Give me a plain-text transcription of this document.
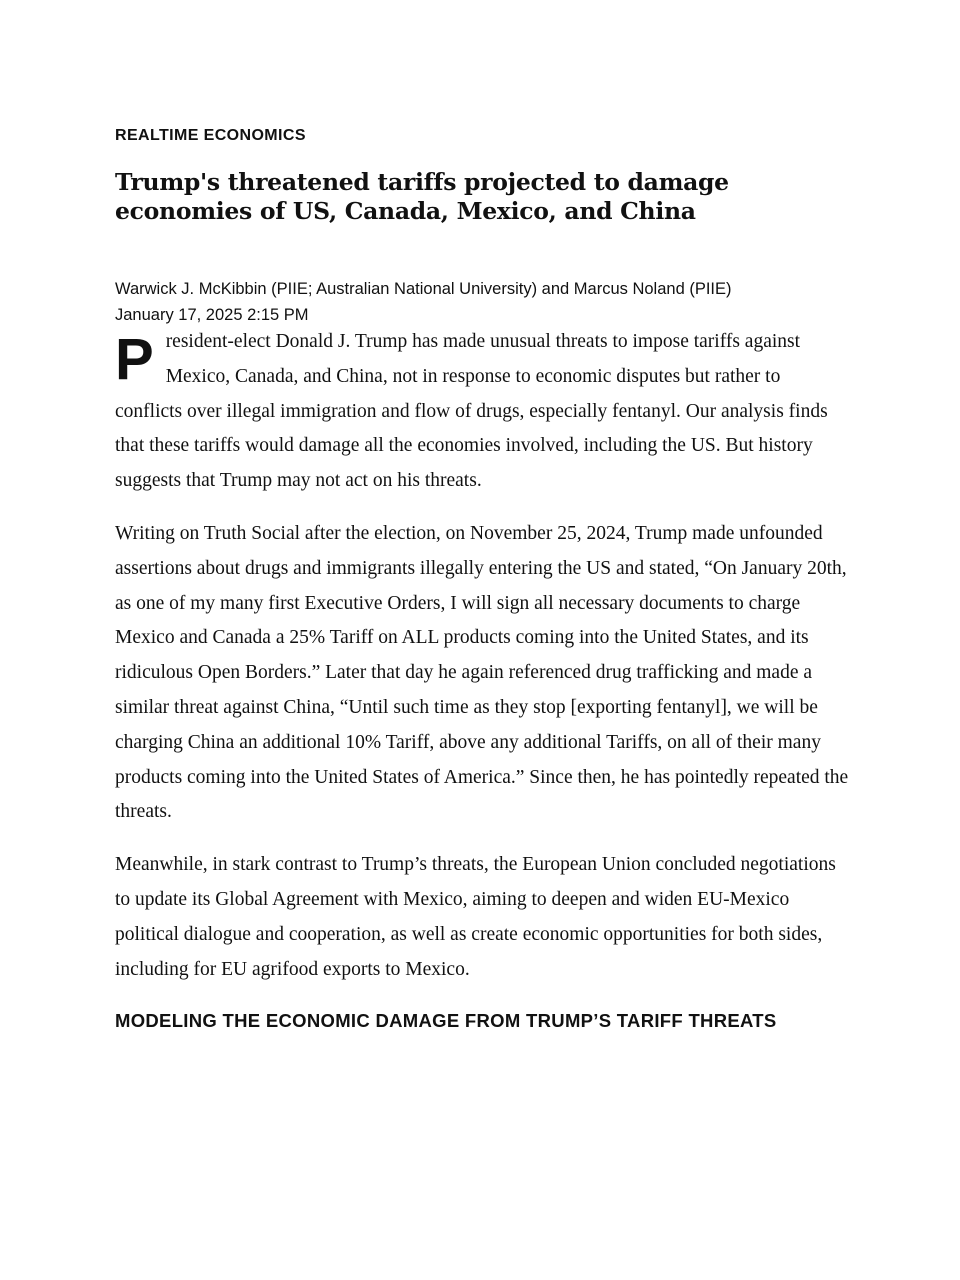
REALTIME ECONOMICS

Trump's threatened tariffs projected to damage economies of US, Canada, Mexico, and China
Warwick J. McKibbin (PIIE; Australian National University) and Marcus Noland (PIIE)
January 17, 2025 2:15 PM

President-elect Donald J. Trump has made unusual threats to impose tariffs against Mexico, Canada, and China, not in response to economic disputes but rather to conflicts over illegal immigration and flow of drugs, especially fentanyl. Our analysis finds that these tariffs would damage all the economies involved, including the US. But history suggests that Trump may not act on his threats.

Writing on Truth Social after the election, on November 25, 2024, Trump made unfounded assertions about drugs and immigrants illegally entering the US and stated, “On January 20th, as one of my many first Executive Orders, I will sign all necessary documents to charge Mexico and Canada a 25% Tariff on ALL products coming into the United States, and its ridiculous Open Borders.” Later that day he again referenced drug trafficking and made a similar threat against China, “Until such time as they stop [exporting fentanyl], we will be charging China an additional 10% Tariff, above any additional Tariffs, on all of their many products coming into the United States of America.” Since then, he has pointedly repeated the threats.

Meanwhile, in stark contrast to Trump’s threats, the European Union concluded negotiations to update its Global Agreement with Mexico, aiming to deepen and widen EU-Mexico political dialogue and cooperation, as well as create economic opportunities for both sides, including for EU agrifood exports to Mexico.

MODELING THE ECONOMIC DAMAGE FROM TRUMP’S TARIFF THREATS
